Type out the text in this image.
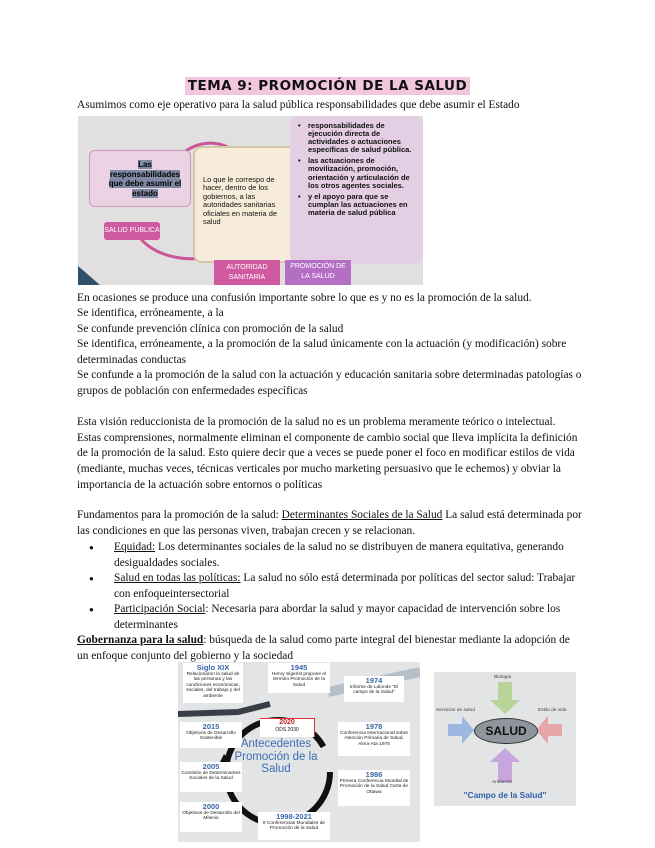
TEMA 9: PROMOCIÓN DE LA SALUD
Asumimos como eje operativo para la salud pública responsabilidades que debe asumir el Estado
Las responsabilidades que debe asumir el estado
Lo que le correspo de hacer, dentro de los gobiernos, a las autoridades sanitarias oficiales en materia de salud
• responsabilidades de ejecución directa de actividades o actuaciones específicas de salud pública.
• las actuaciones de movilización, promoción, orientación y articulación de los otros agentes sociales.
• y el apoyo para que se cumplan las actuaciones en materia de salud pública
SALUD PÚBLICA
AUTORIDAD SANITARIA
PROMOCIÓN DE LA SALUD
En ocasiones se produce una confusión importante sobre lo que es y no es la promoción de la salud.
Se identifica, erróneamente, a la
Se confunde prevención clínica con promoción de la salud
Se identifica, erróneamente, a la promoción de la salud únicamente con la actuación (y modificación) sobre determinadas conductas
Se confunde a la promoción de la salud con la actuación y educación sanitaria sobre determinadas patologías o grupos de población con enfermedades específicas

Esta visión reduccionista de la promoción de la salud no es un problema meramente teórico o intelectual. Estas comprensiones, normalmente eliminan el componente de cambio social que lleva implícita la definición de la promoción de la salud. Esto quiere decir que a veces se puede poner el foco en modificar estilos de vida (mediante, muchas veces, técnicas verticales por mucho marketing persuasivo que le echemos) y obviar la importancia de la actuación sobre entornos o políticas

Fundamentos para la promoción de la salud: Determinantes Sociales de la Salud La salud está determinada por las condiciones en que las personas viven, trabajan crecen y se relacionan.

● Equidad: Los determinantes sociales de la salud no se distribuyen de manera equitativa, generando desigualdades sociales.
● Salud en todas las políticas: La salud no sólo está determinada por políticas del sector salud: Trabajar con enfoqueintersectorial
● Participación Social: Necesaria para abordar la salud y mayor capacidad de intervención sobre los determinantes

Gobernanza para la salud: búsqueda de la salud como parte integral del bienestar mediante la adopción de un enfoque conjunto del gobierno y la sociedad

Siglo XIX
Relacionaron la salud de las personas y las condiciones económicas, sociales, del trabajo y del ambiente
1945
Henry Sigerist propone el término Promoción de la Salud
1974
Informe de Lalonde "El campo de la Salud"
2020
ODS 2030
2015
Objetivos de Desarrollo Sostenible
1978
Conferencia Internacional sobre Atención Primaria de Salud, Alma-Ata 1978
2005
Comisión de Determinantes Sociales de la Salud	1986
Primera Conferencia Mundial de Promoción de la Salud Carta de Ottawa
2000
Objetivos de Desarrollo del Milenio	1998-2021
9 Conferencias Mundiales de Promoción de la Salud
Antecedentes Promoción de la Salud
Biología
Estilo de vida
Servicios de salud
Ambiente
SALUD
"Campo de la Salud"
